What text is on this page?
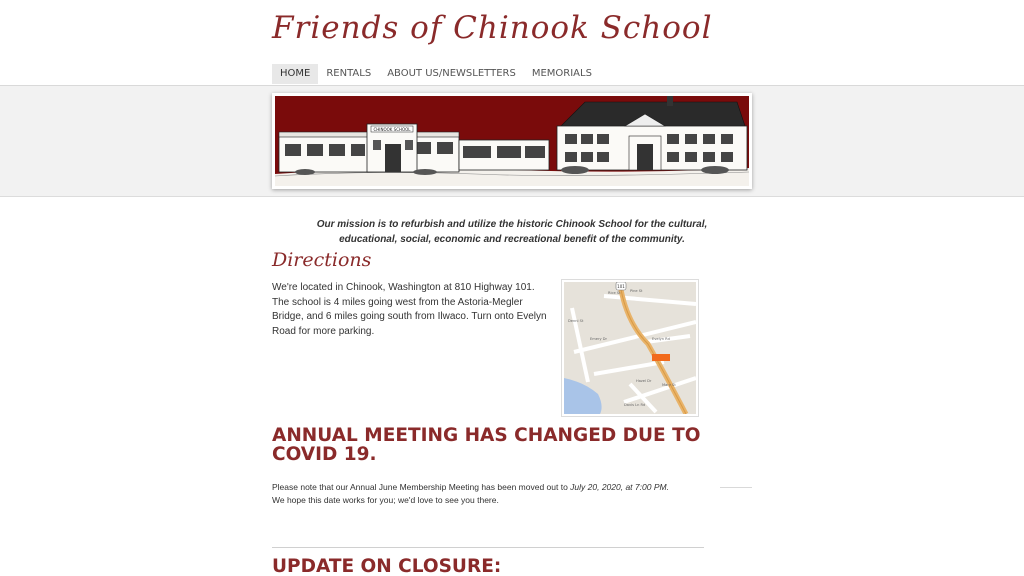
Friends of Chinook School
HOME	RENTALS	ABOUT US/NEWSLETTERS	MEMORIALS
CHINOOK SCHOOL
Our mission is to refurbish and utilize the historic Chinook School for the cultural,
educational, social, economic and recreational benefit of the community.
Directions
We're located in Chinook, Washington at 810 Highway 101. The school is 4 miles going west from the Astoria-Megler Bridge, and 6 miles going south from Ilwaco. Turn onto Evelyn Road for more parking.
101
Rice St	Pine St
Emery Dr	Evelyn Rd
Denni St
Hazel Dr
Mary St
Davis Ln Rd
ANNUAL MEETING HAS CHANGED DUE TO COVID 19.
Please note that our Annual June Membership Meeting has been moved out to July 20, 2020, at 7:00 PM.
We hope this date works for you; we'd love to see you there.
UPDATE ON CLOSURE:
